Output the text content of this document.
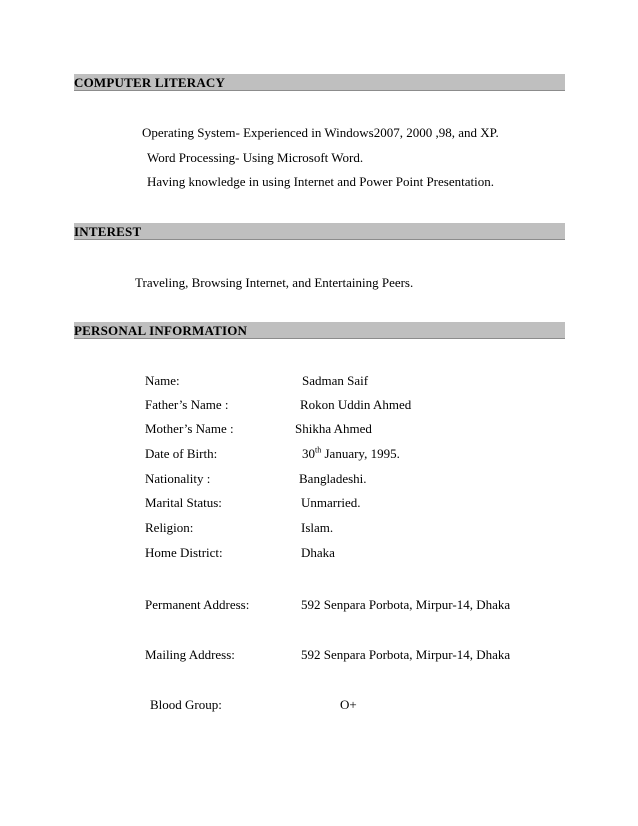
COMPUTER LITERACY
Operating System- Experienced in Windows2007, 2000 ,98, and XP.
Word Processing- Using Microsoft Word.
Having knowledge in using Internet and Power Point Presentation.
INTEREST
Traveling, Browsing Internet, and Entertaining Peers.
PERSONAL INFORMATION
Name:	Sadman Saif
Father’s Name :	Rokon Uddin Ahmed
Mother’s Name :	Shikha Ahmed
Date of Birth:	30th January, 1995.
Nationality :	Bangladeshi.
Marital Status:	Unmarried.
Religion:	Islam.
Home District:	Dhaka
Permanent Address:	592 Senpara Porbota, Mirpur-14, Dhaka
Mailing Address:	592 Senpara Porbota, Mirpur-14, Dhaka
Blood Group:	O+
